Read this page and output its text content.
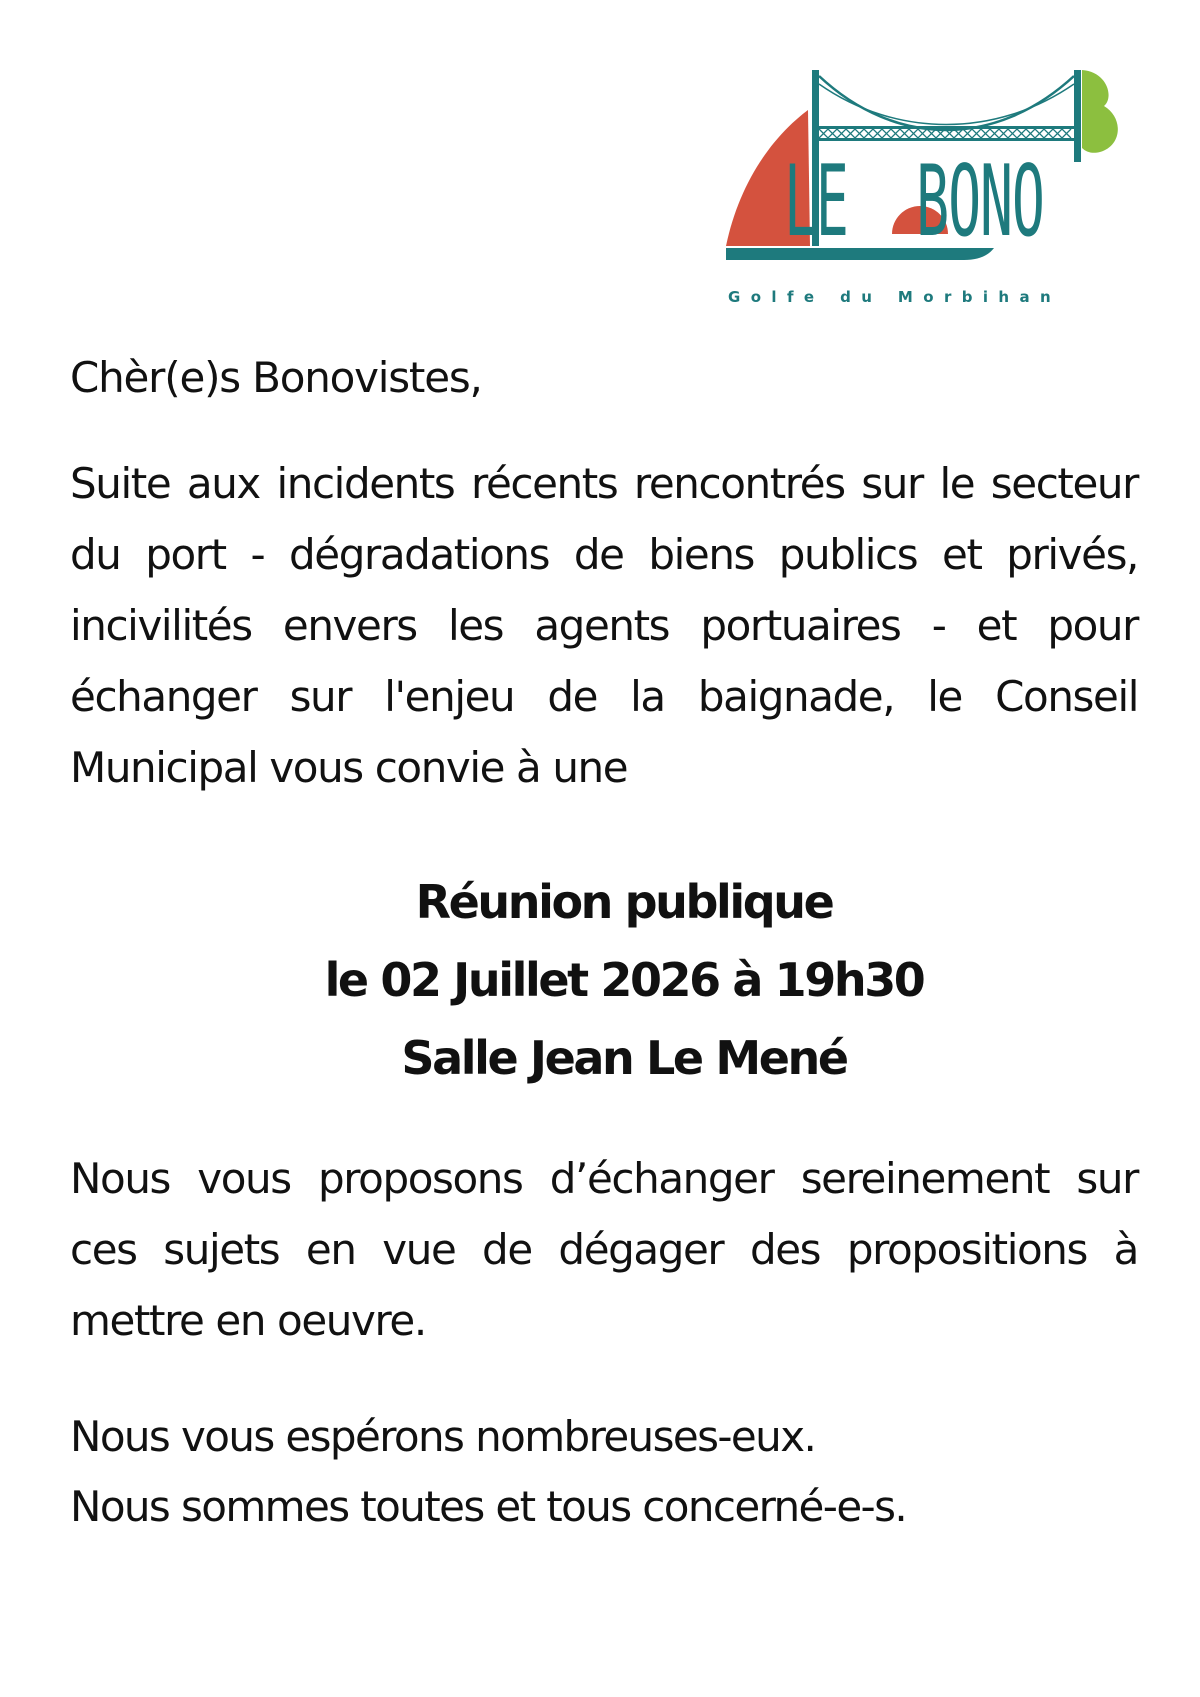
LE BONO
Golfe du Morbihan

Chèr(e)s Bonovistes,

Suite aux incidents récents rencontrés sur le secteur du port - dégradations de biens publics et privés, incivilités envers les agents portuaires - et pour échanger sur l'enjeu de la baignade, le Conseil Municipal vous convie à une

Réunion publique
le 02 Juillet 2026 à 19h30
Salle Jean Le Mené

Nous vous proposons d’échanger sereinement sur ces sujets en vue de dégager des propositions à mettre en oeuvre.

Nous vous espérons nombreuses-eux.
Nous sommes toutes et tous concerné-e-s.
